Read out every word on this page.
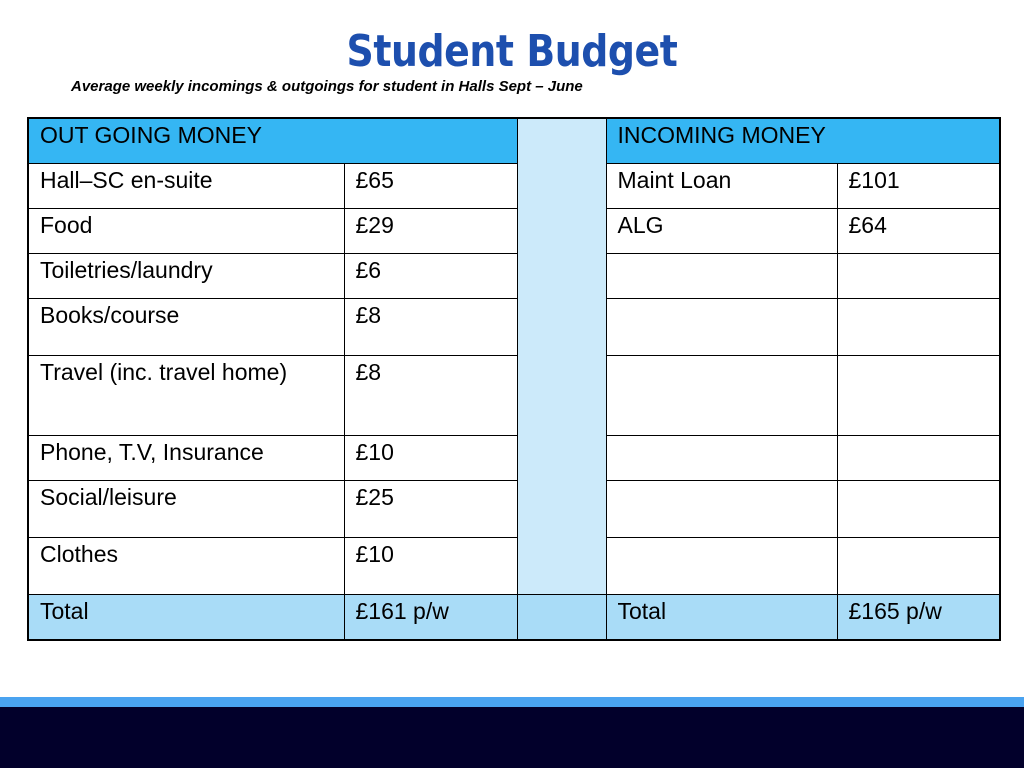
Student Budget
Average weekly incomings & outgoings for student in Halls Sept – June
OUT GOING MONEY			INCOMING MONEY	
Hall–SC en-suite	£65		Maint Loan	£101
Food	£29		ALG	£64
Toiletries/laundry	£6			
Books/course	£8			
Travel (inc. travel home)	£8			
Phone, T.V, Insurance	£10			
Social/leisure	£25			
Clothes	£10			
Total	£161 p/w		Total	£165 p/w
